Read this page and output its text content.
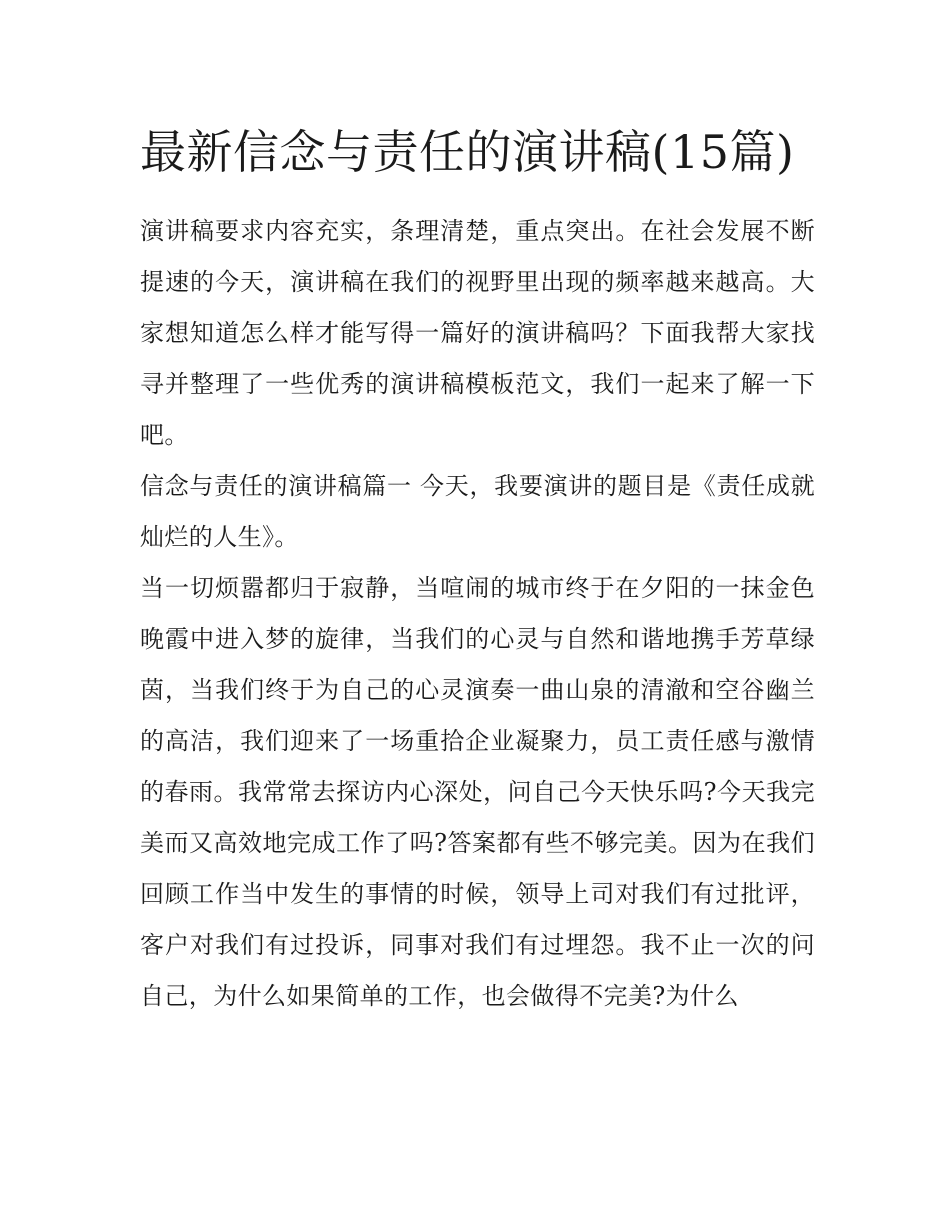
最新信念与责任的演讲稿(15篇)

演讲稿要求内容充实，条理清楚，重点突出。在社会发展不断提速的今天，演讲稿在我们的视野里出现的频率越来越高。大家想知道怎么样才能写得一篇好的演讲稿吗？下面我帮大家找寻并整理了一些优秀的演讲稿模板范文，我们一起来了解一下吧。

信念与责任的演讲稿篇一 今天，我要演讲的题目是《责任成就灿烂的人生》。

当一切烦嚣都归于寂静，当喧闹的城市终于在夕阳的一抹金色晚霞中进入梦的旋律，当我们的心灵与自然和谐地携手芳草绿茵，当我们终于为自己的心灵演奏一曲山泉的清澈和空谷幽兰的高洁，我们迎来了一场重拾企业凝聚力，员工责任感与激情的春雨。我常常去探访内心深处，问自己今天快乐吗?今天我完美而又高效地完成工作了吗?答案都有些不够完美。因为在我们回顾工作当中发生的事情的时候，领导上司对我们有过批评，客户对我们有过投诉，同事对我们有过埋怨。我不止一次的问自己，为什么如果简单的工作，也会做得不完美?为什么
